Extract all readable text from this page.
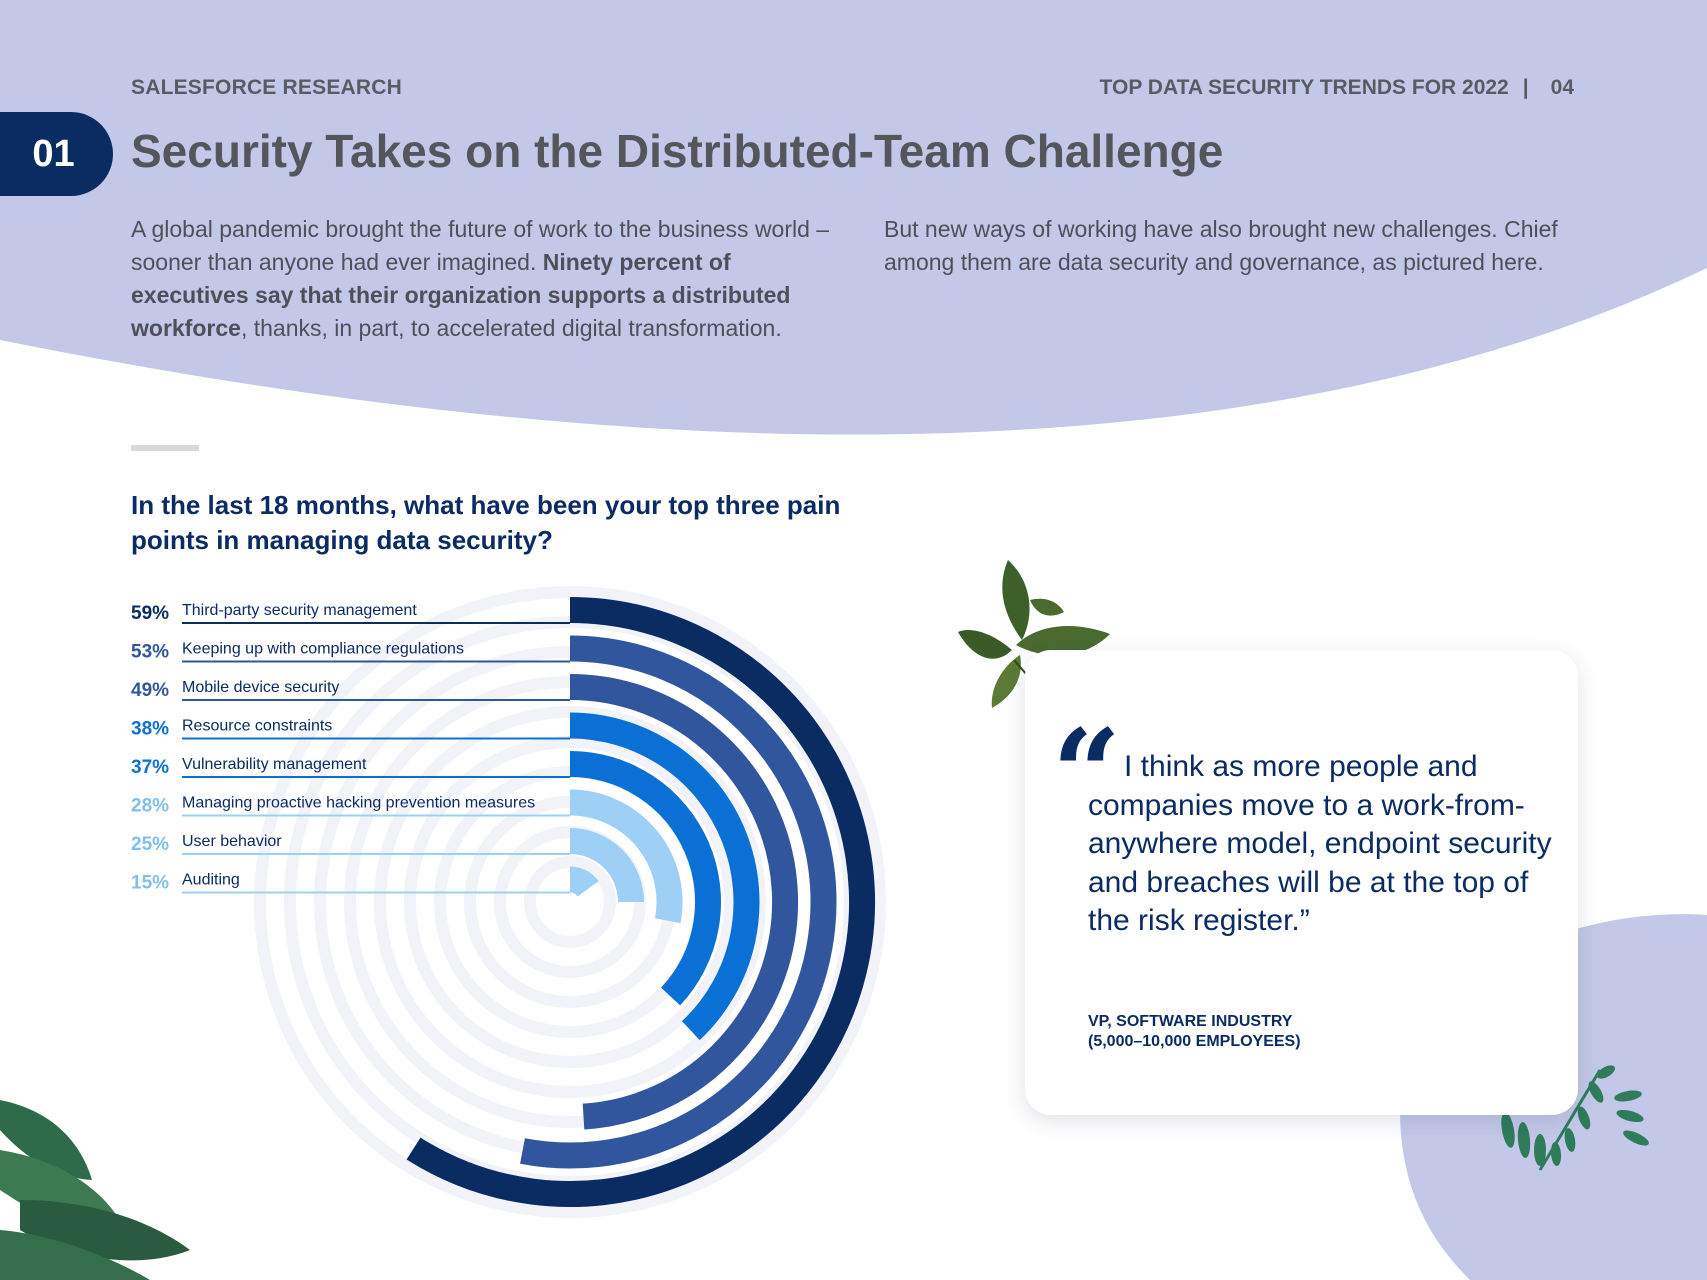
SALESFORCE RESEARCH	TOP DATA SECURITY TRENDS FOR 2022 | 04
01	Security Takes on the Distributed-Team Challenge
A global pandemic brought the future of work to the business world – sooner than anyone had ever imagined. Ninety percent of executives say that their organization supports a distributed workforce, thanks, in part, to accelerated digital transformation.
But new ways of working have also brought new challenges. Chief among them are data security and governance, as pictured here.
In the last 18 months, what have been your top three pain points in managing data security?
59% Third-party security management
53% Keeping up with compliance regulations
49% Mobile device security
38% Resource constraints
37% Vulnerability management
28% Managing proactive hacking prevention measures
25% User behavior
15% Auditing
“ I think as more people and companies move to a work-from-anywhere model, endpoint security and breaches will be at the top of the risk register.”
VP, SOFTWARE INDUSTRY
(5,000–10,000 EMPLOYEES)
